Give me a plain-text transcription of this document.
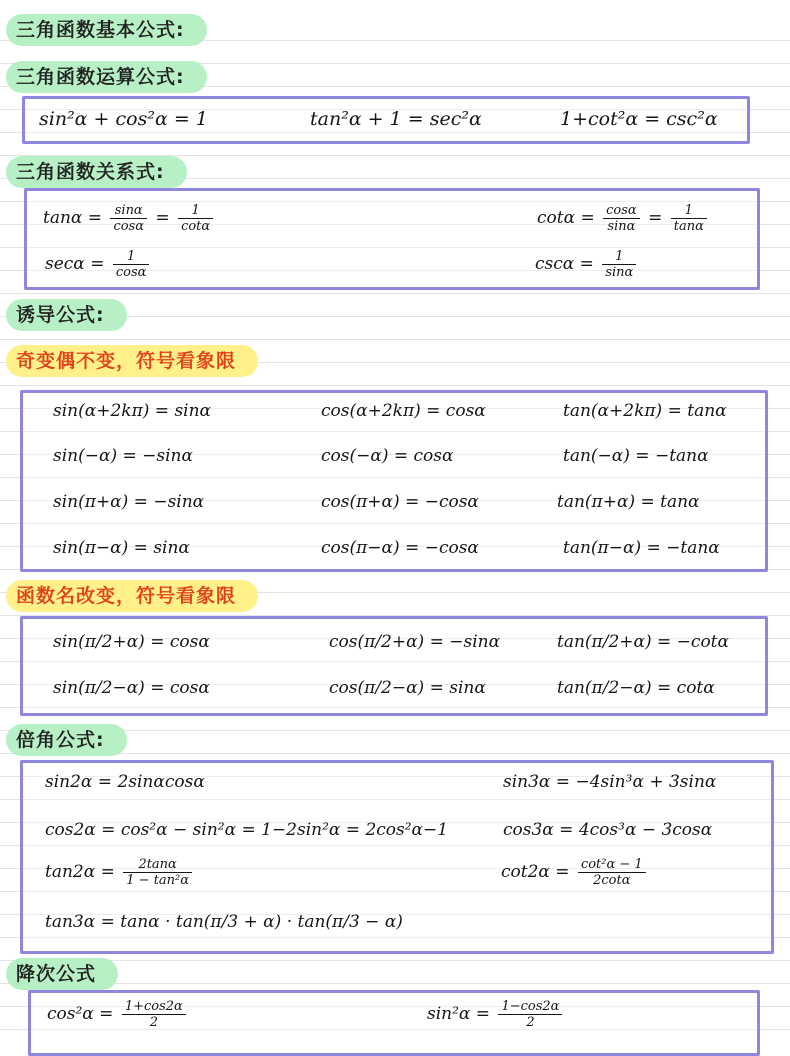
三角函数基本公式:
三角函数运算公式:
sin²α + cos²α = 1	tan²α + 1 = sec²α	1+cot²α = csc²α
三角函数关系式:
$\tan\alpha = \frac{\sin\alpha}{\cos\alpha} = \frac{1}{\cot\alpha}$	$\cot\alpha = \frac{\cos\alpha}{\sin\alpha} = \frac{1}{\tan\alpha}$
$\sec\alpha = \frac{1}{\cos\alpha}$	$\csc\alpha = \frac{1}{\sin\alpha}$
诱导公式:
奇变偶不变，符号看象限
sin(α+2kπ) = sinα	cos(α+2kπ) = cosα	tan(α+2kπ) = tanα
sin(−α) = −sinα	cos(−α) = cosα	tan(−α) = −tanα
sin(π+α) = −sinα	cos(π+α) = −cosα	tan(π+α) = tanα
sin(π−α) = sinα	cos(π−α) = −cosα	tan(π−α) = −tanα
函数名改变，符号看象限
sin(π/2+α) = cosα	cos(π/2+α) = −sinα	tan(π/2+α) = −cotα
sin(π/2−α) = cosα	cos(π/2−α) = sinα	tan(π/2−α) = cotα
倍角公式:
sin2α = 2sinαcosα	sin3α = −4sin³α + 3sinα
cos2α = cos²α − sin²α = 1−2sin²α = 2cos²α−1	cos3α = 4cos³α − 3cosα
$\tan 2\alpha = \frac{2\tan\alpha}{\text{1 − tan²α}}$	$\cot 2\alpha = \frac{\text{cot²α − 1}}{2\cot\alpha}$
tan3α = tanα · tan(π/3 + α) · tan(π/3 − α)
降次公式
$\cos^2\alpha = \frac{1+\cos 2\alpha}{2}$	$\sin^2\alpha = \frac{1-\cos 2\alpha}{2}$
